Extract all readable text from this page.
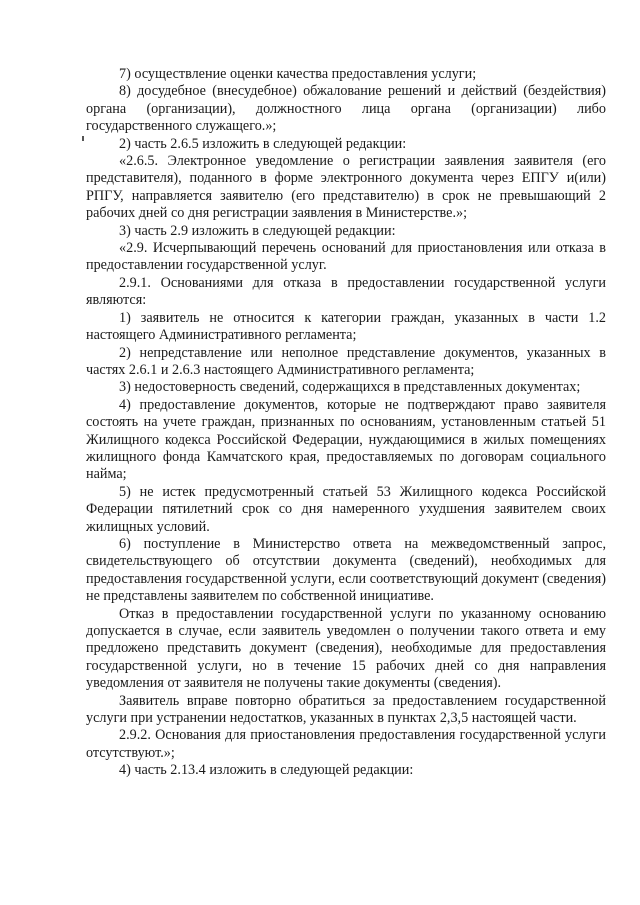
7) осуществление оценки качества предоставления услуги;

8) досудебное (внесудебное) обжалование решений и действий (бездействия) органа (организации), должностного лица органа (организации) либо государственного служащего.»;

2) часть 2.6.5 изложить в следующей редакции:

«2.6.5. Электронное уведомление о регистрации заявления заявителя (его представителя), поданного в форме электронного документа через ЕПГУ и(или) РПГУ, направляется заявителю (его представителю) в срок не превышающий 2 рабочих дней со дня регистрации заявления в Министерстве.»;

3) часть 2.9 изложить в следующей редакции:

«2.9. Исчерпывающий перечень оснований для приостановления или отказа в предоставлении государственной услуг.

2.9.1. Основаниями для отказа в предоставлении государственной услуги являются:

1) заявитель не относится к категории граждан, указанных в части 1.2 настоящего Административного регламента;

2) непредставление или неполное представление документов, указанных в частях 2.6.1 и 2.6.3 настоящего Административного регламента;

3) недостоверность сведений, содержащихся в представленных документах;

4) предоставление документов, которые не подтверждают право заявителя состоять на учете граждан, признанных по основаниям, установленным статьей 51 Жилищного кодекса Российской Федерации, нуждающимися в жилых помещениях жилищного фонда Камчатского края, предоставляемых по договорам социального найма;

5) не истек предусмотренный статьей 53 Жилищного кодекса Российской Федерации пятилетний срок со дня намеренного ухудшения заявителем своих жилищных условий.

6) поступление в Министерство ответа на межведомственный запрос, свидетельствующего об отсутствии документа (сведений), необходимых для предоставления государственной услуги, если соответствующий документ (сведения) не представлены заявителем по собственной инициативе.

Отказ в предоставлении государственной услуги по указанному основанию допускается в случае, если заявитель уведомлен о получении такого ответа и ему предложено представить документ (сведения), необходимые для предоставления государственной услуги, но в течение 15 рабочих дней со дня направления уведомления от заявителя не получены такие документы (сведения).

Заявитель вправе повторно обратиться за предоставлением государственной услуги при устранении недостатков, указанных в пунктах 2,3,5 настоящей части.

2.9.2. Основания для приостановления предоставления государственной услуги отсутствуют.»;

4) часть 2.13.4 изложить в следующей редакции:
